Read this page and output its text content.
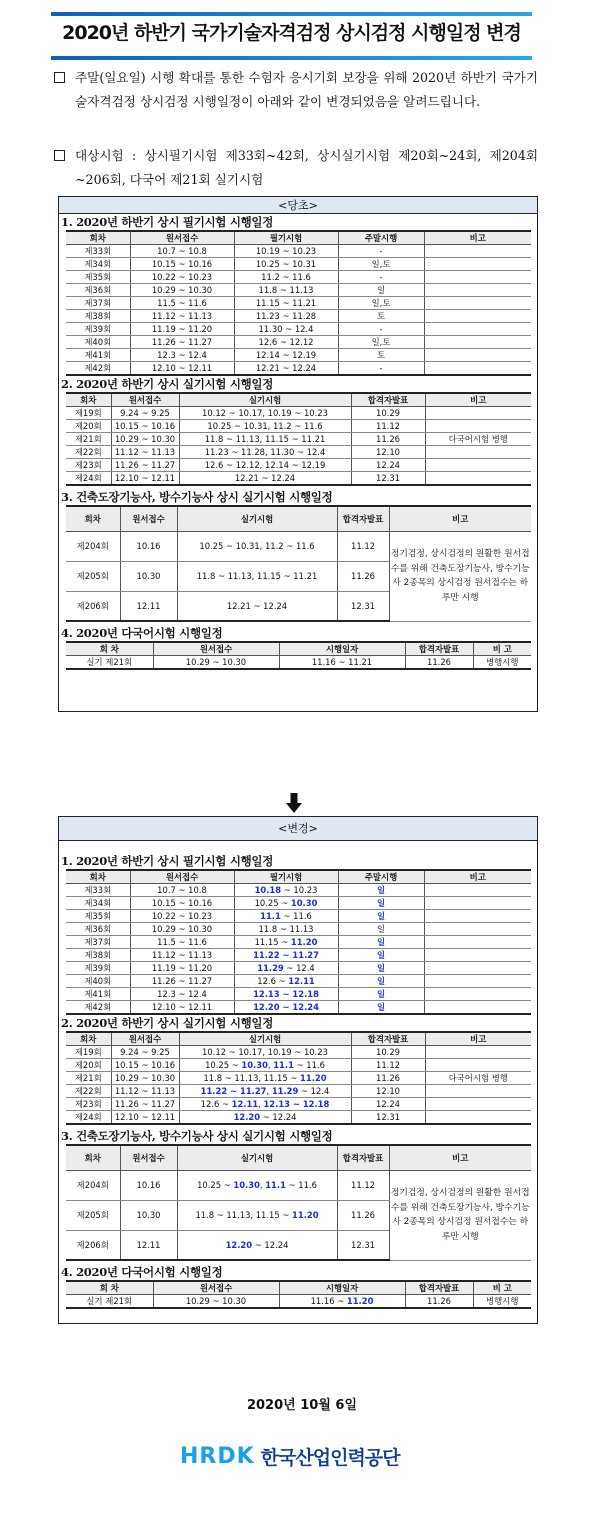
2020년 하반기 국가기술자격검정 상시검정 시행일정 변경
주말(일요일) 시행 확대를 통한 수험자 응시기회 보장을 위해 2020년 하반기 국가기술자격검정 상시검정 시행일정이 아래와 같이 변경되었음을 알려드립니다.
대상시험 : 상시필기시험 제33회~42회, 상시실기시험 제20회~24회, 제204회~206회, 다국어 제21회 실기시험
<당초>
1. 2020년 하반기 상시 필기시험 시행일정
회차	원서접수	필기시험	주말시행	비고
제33회	10.7 ~ 10.8	10.19 ~ 10.23	-	
제34회	10.15 ~ 10.16	10.25 ~ 10.31	일,토	
제35회	10.22 ~ 10.23	11.2 ~ 11.6	-	
제36회	10.29 ~ 10.30	11.8 ~ 11.13	일	
제37회	11.5 ~ 11.6	11.15 ~ 11.21	일,토	
제38회	11.12 ~ 11.13	11.23 ~ 11.28	토	
제39회	11.19 ~ 11.20	11.30 ~ 12.4	-	
제40회	11.26 ~ 11.27	12.6 ~ 12.12	일,토	
제41회	12.3 ~ 12.4	12.14 ~ 12.19	토	
제42회	12.10 ~ 12.11	12.21 ~ 12.24	-	
2. 2020년 하반기 상시 실기시험 시행일정
회차	원서접수	실기시험	합격자발표	비고
제19회	9.24 ~ 9.25	10.12 ~ 10.17, 10.19 ~ 10.23	10.29	
제20회	10.15 ~ 10.16	10.25 ~ 10.31, 11.2 ~ 11.6	11.12	
제21회	10.29 ~ 10.30	11.8 ~ 11.13, 11.15 ~ 11.21	11.26	다국어시험 병행
제22회	11.12 ~ 11.13	11.23 ~ 11.28, 11.30 ~ 12.4	12.10	
제23회	11.26 ~ 11.27	12.6 ~ 12.12, 12.14 ~ 12.19	12.24	
제24회	12.10 ~ 12.11	12.21 ~ 12.24	12.31	
3. 건축도장기능사, 방수기능사 상시 실기시험 시행일정
회차	원서접수	실기시험	합격자발표	비고
제204회	10.16	10.25 ~ 10.31, 11.2 ~ 11.6	11.12	정기검정, 상시검정의 원활한 원서접수를 위해 건축도장기능사, 방수기능사 2종목의 상시검정 원서접수는 하루만 시행
제205회	10.30	11.8 ~ 11.13, 11.15 ~ 11.21	11.26	
제206회	12.11	12.21 ~ 12.24	12.31	
4. 2020년 다국어시험 시행일정
회 차	원서접수	시행일자	합격자발표	비 고
실기 제21회	10.29 ~ 10.30	11.16 ~ 11.21	11.26	병행시행
<변경>
1. 2020년 하반기 상시 필기시험 시행일정
회차	원서접수	필기시험	주말시행	비고
제33회	10.7 ~ 10.8	10.18 ~ 10.23	일	
제34회	10.15 ~ 10.16	10.25 ~ 10.30	일	
제35회	10.22 ~ 10.23	11.1 ~ 11.6	일	
제36회	10.29 ~ 10.30	11.8 ~ 11.13	일	
제37회	11.5 ~ 11.6	11.15 ~ 11.20	일	
제38회	11.12 ~ 11.13	11.22 ~ 11.27	일	
제39회	11.19 ~ 11.20	11.29 ~ 12.4	일	
제40회	11.26 ~ 11.27	12.6 ~ 12.11	일	
제41회	12.3 ~ 12.4	12.13 ~ 12.18	일	
제42회	12.10 ~ 12.11	12.20 ~ 12.24	일	
2. 2020년 하반기 상시 실기시험 시행일정
회차	원서접수	실기시험	합격자발표	비고
제19회	9.24 ~ 9.25	10.12 ~ 10.17, 10.19 ~ 10.23	10.29	
제20회	10.15 ~ 10.16	10.25 ~ 10.30, 11.1 ~ 11.6	11.12	
제21회	10.29 ~ 10.30	11.8 ~ 11.13, 11.15 ~ 11.20	11.26	다국어시험 병행
제22회	11.12 ~ 11.13	11.22 ~ 11.27, 11.29 ~ 12.4	12.10	
제23회	11.26 ~ 11.27	12.6 ~ 12.11, 12.13 ~ 12.18	12.24	
제24회	12.10 ~ 12.11	12.20 ~ 12.24	12.31	
3. 건축도장기능사, 방수기능사 상시 실기시험 시행일정
회차	원서접수	실기시험	합격자발표	비고
제204회	10.16	10.25 ~ 10.30, 11.1 ~ 11.6	11.12	정기검정, 상시검정의 원활한 원서접수를 위해 건축도장기능사, 방수기능사 2종목의 상시검정 원서접수는 하루만 시행
제205회	10.30	11.8 ~ 11.13, 11.15 ~ 11.20	11.26	
제206회	12.11	12.20 ~ 12.24	12.31	
4. 2020년 다국어시험 시행일정
회 차	원서접수	시행일자	합격자발표	비 고
실기 제21회	10.29 ~ 10.30	11.16 ~ 11.20	11.26	병행시행
2020년 10월 6일
HRDK 한국산업인력공단
